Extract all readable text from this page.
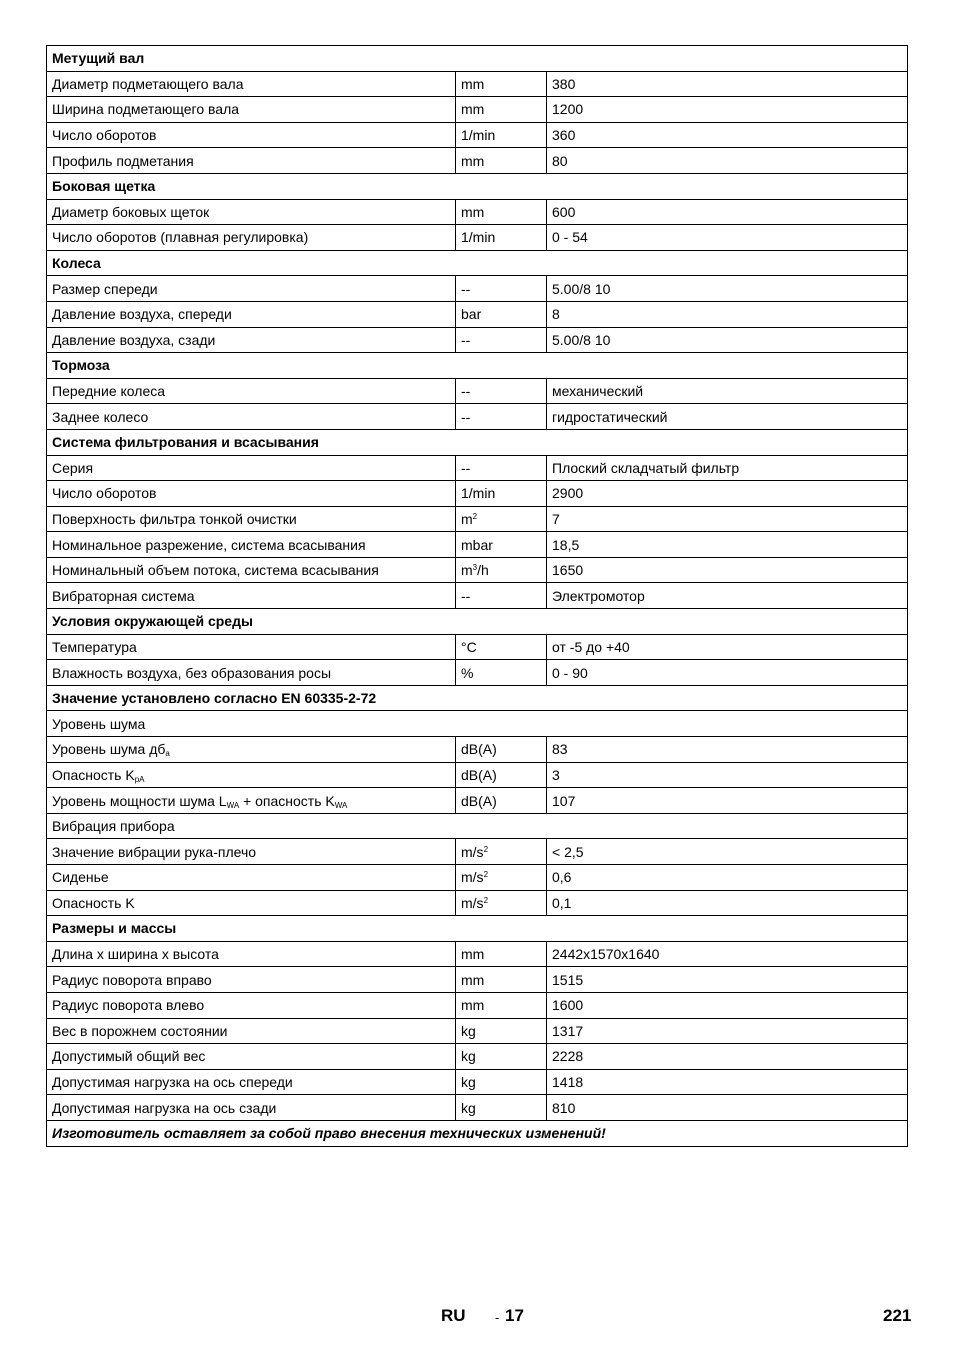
Метущий вал		
Диаметр подметающего вала	mm	380
Ширина подметающего вала	mm	1200
Число оборотов	1/min	360
Профиль подметания	mm	80
Боковая щетка		
Диаметр боковых щеток	mm	600
Число оборотов (плавная регулировка)	1/min	0 - 54
Колеса		
Размер спереди	--	5.00/8 10
Давление воздуха, спереди	bar	8
Давление воздуха, сзади	--	5.00/8 10
Тормоза		
Передние колеса	--	механический
Заднее колесо	--	гидростатический
Система фильтрования и всасывания		
Серия	--	Плоский складчатый фильтр
Число оборотов	1/min	2900
Поверхность фильтра тонкой очистки	$m^2$	7
Номинальное разрежение, система всасывания	mbar	18,5
Номинальный объем потока, система всасывания	$m^3/h$	1650
Вибраторная система	--	Электромотор
Условия окружающей среды		
Температура	°C	от -5 до +40
Влажность воздуха, без образования росы	%	0 - 90
Значение установлено согласно EN 60335-2-72		
Уровень шума		
Уровень шума $дб_a$	dB(A)	83
Опасность $K_{pA}$	dB(A)	3
Уровень мощности шума $L_{WA}$ + опасность $K_{WA}$	dB(A)	107
Вибрация прибора		
Значение вибрации рука-плечо	$m/s^2$	< 2,5
Сиденье	$m/s^2$	0,6
Опасность K	$m/s^2$	0,1
Размеры и массы		
Длина x ширина x высота	mm	2442x1570x1640
Радиус поворота вправо	mm	1515
Радиус поворота влево	mm	1600
Вес в порожнем состоянии	kg	1317
Допустимый общий вес	kg	2228
Допустимая нагрузка на ось спереди	kg	1418
Допустимая нагрузка на ось сзади	kg	810
Изготовитель оставляет за собой право внесения технических изменений!		
RU - 17	221
